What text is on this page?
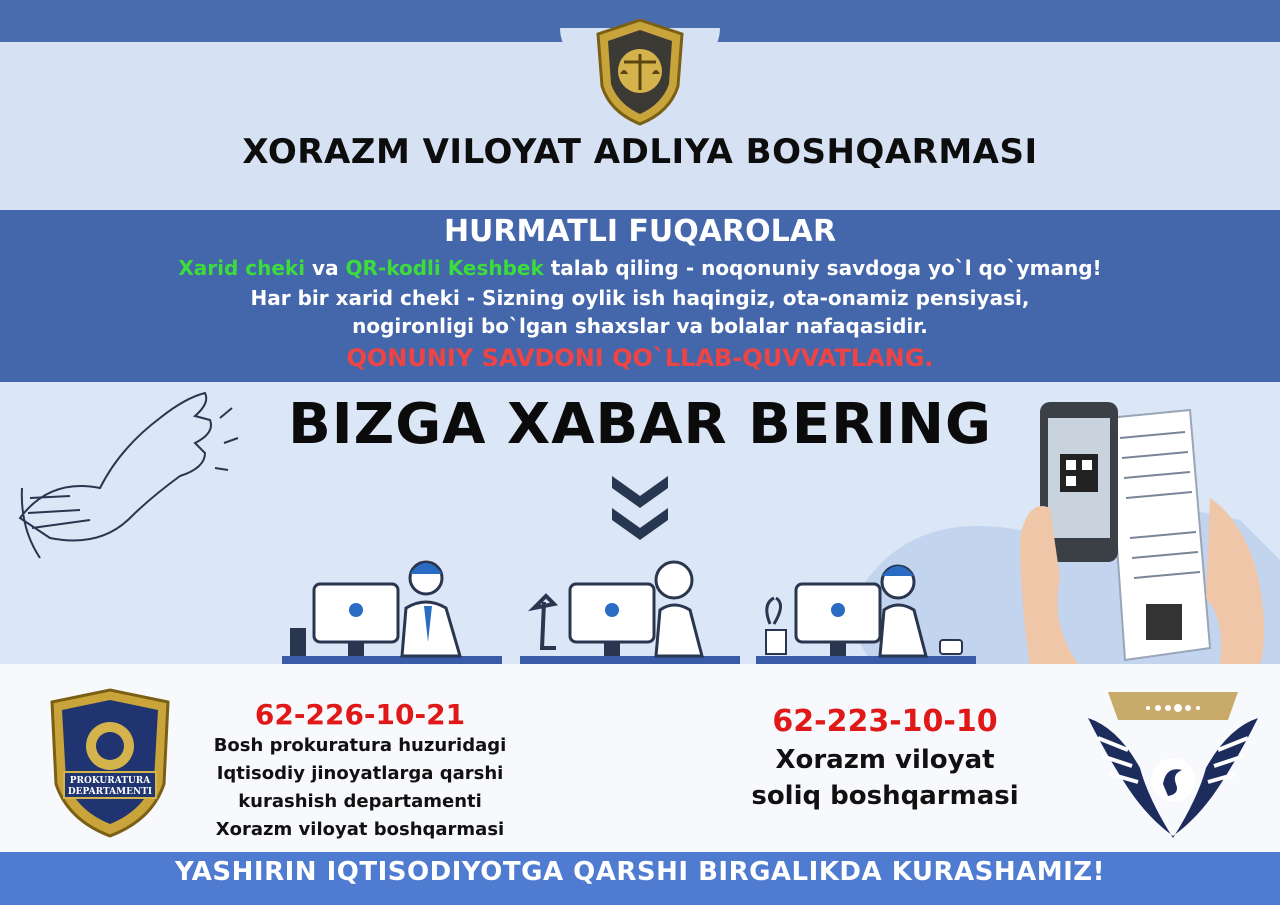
XORAZM VILOYAT ADLIYA BOSHQARMASI
HURMATLI FUQAROLAR
Xarid cheki va QR-kodli Keshbek talab qiling - noqonuniy savdoga yo`l qo`ymang!
Har bir xarid cheki - Sizning oylik ish haqingiz, ota-onamiz pensiyasi,
nogironligi bo`lgan shaxslar va bolalar nafaqasidir.
QONUNIY SAVDONI QO`LLAB-QUVVATLANG.
BIZGA XABAR BERING
PROKURATURA
DEPARTAMENTI
62-226-10-21
Bosh prokuratura huzuridagi
Iqtisodiy jinoyatlarga qarshi
kurashish departamenti
Xorazm viloyat boshqarmasi
62-223-10-10
Xorazm viloyat
soliq boshqarmasi
YASHIRIN IQTISODIYOTGA QARSHI BIRGALIKDA KURASHAMIZ!
